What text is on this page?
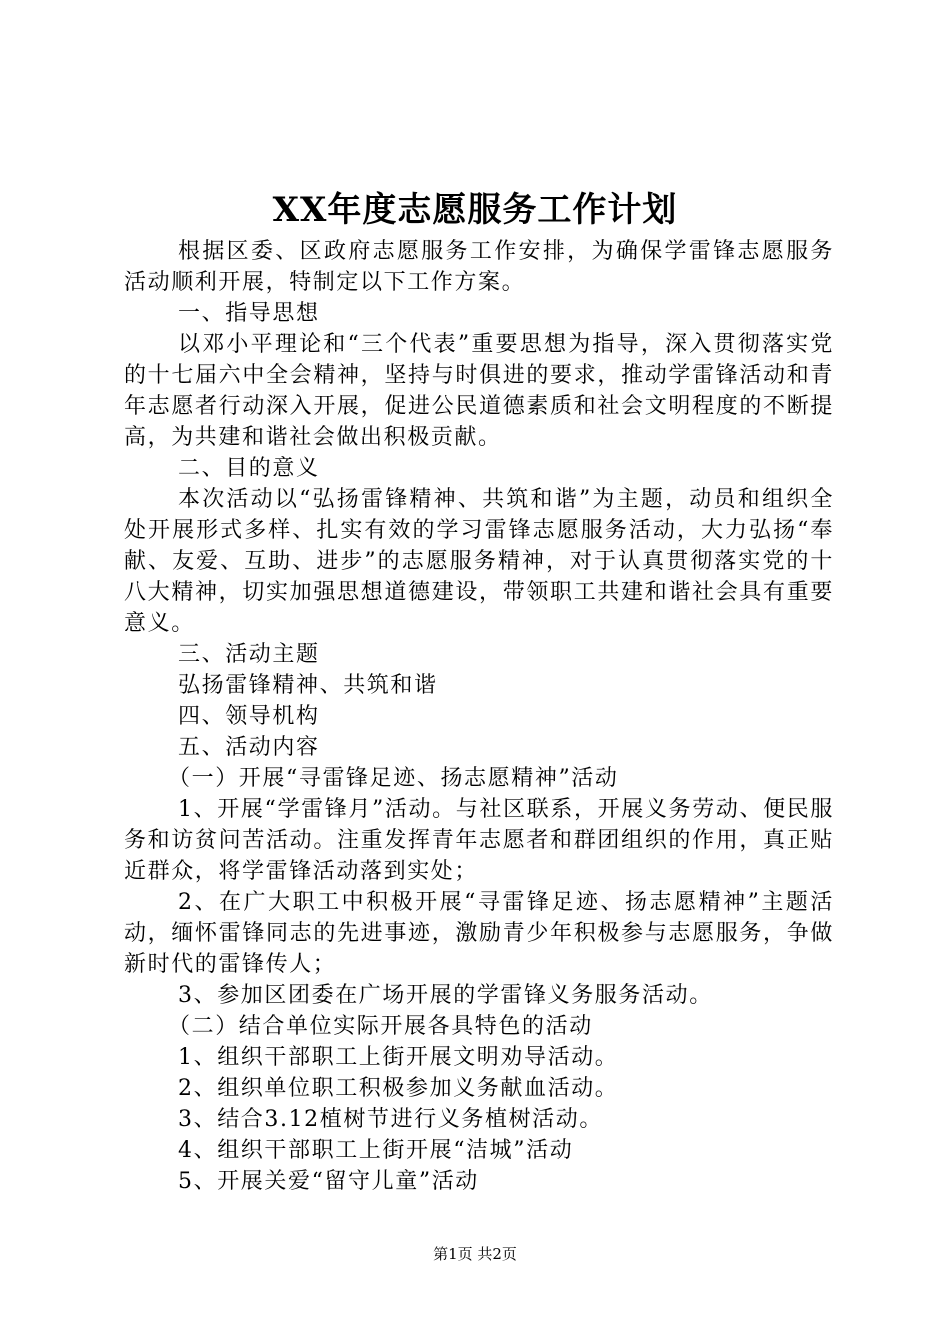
XX年度志愿服务工作计划

根据区委、区政府志愿服务工作安排，为确保学雷锋志愿服务活动顺利开展，特制定以下工作方案。

一、指导思想

以邓小平理论和“三个代表”重要思想为指导，深入贯彻落实党的十七届六中全会精神，坚持与时俱进的要求，推动学雷锋活动和青年志愿者行动深入开展，促进公民道德素质和社会文明程度的不断提高，为共建和谐社会做出积极贡献。

二、目的意义

本次活动以“弘扬雷锋精神、共筑和谐”为主题，动员和组织全处开展形式多样、扎实有效的学习雷锋志愿服务活动，大力弘扬“奉献、友爱、互助、进步”的志愿服务精神，对于认真贯彻落实党的十八大精神，切实加强思想道德建设，带领职工共建和谐社会具有重要意义。

三、活动主题

弘扬雷锋精神、共筑和谐

四、领导机构

五、活动内容

（一）开展“寻雷锋足迹、扬志愿精神”活动

1、开展“学雷锋月”活动。与社区联系，开展义务劳动、便民服务和访贫问苦活动。注重发挥青年志愿者和群团组织的作用，真正贴近群众，将学雷锋活动落到实处；

2、在广大职工中积极开展“寻雷锋足迹、扬志愿精神”主题活动，缅怀雷锋同志的先进事迹，激励青少年积极参与志愿服务，争做新时代的雷锋传人；

3、参加区团委在广场开展的学雷锋义务服务活动。

（二）结合单位实际开展各具特色的活动

1、组织干部职工上街开展文明劝导活动。

2、组织单位职工积极参加义务献血活动。

3、结合3.12植树节进行义务植树活动。

4、组织干部职工上街开展“洁城”活动

5、开展关爱“留守儿童”活动

第1页 共2页
